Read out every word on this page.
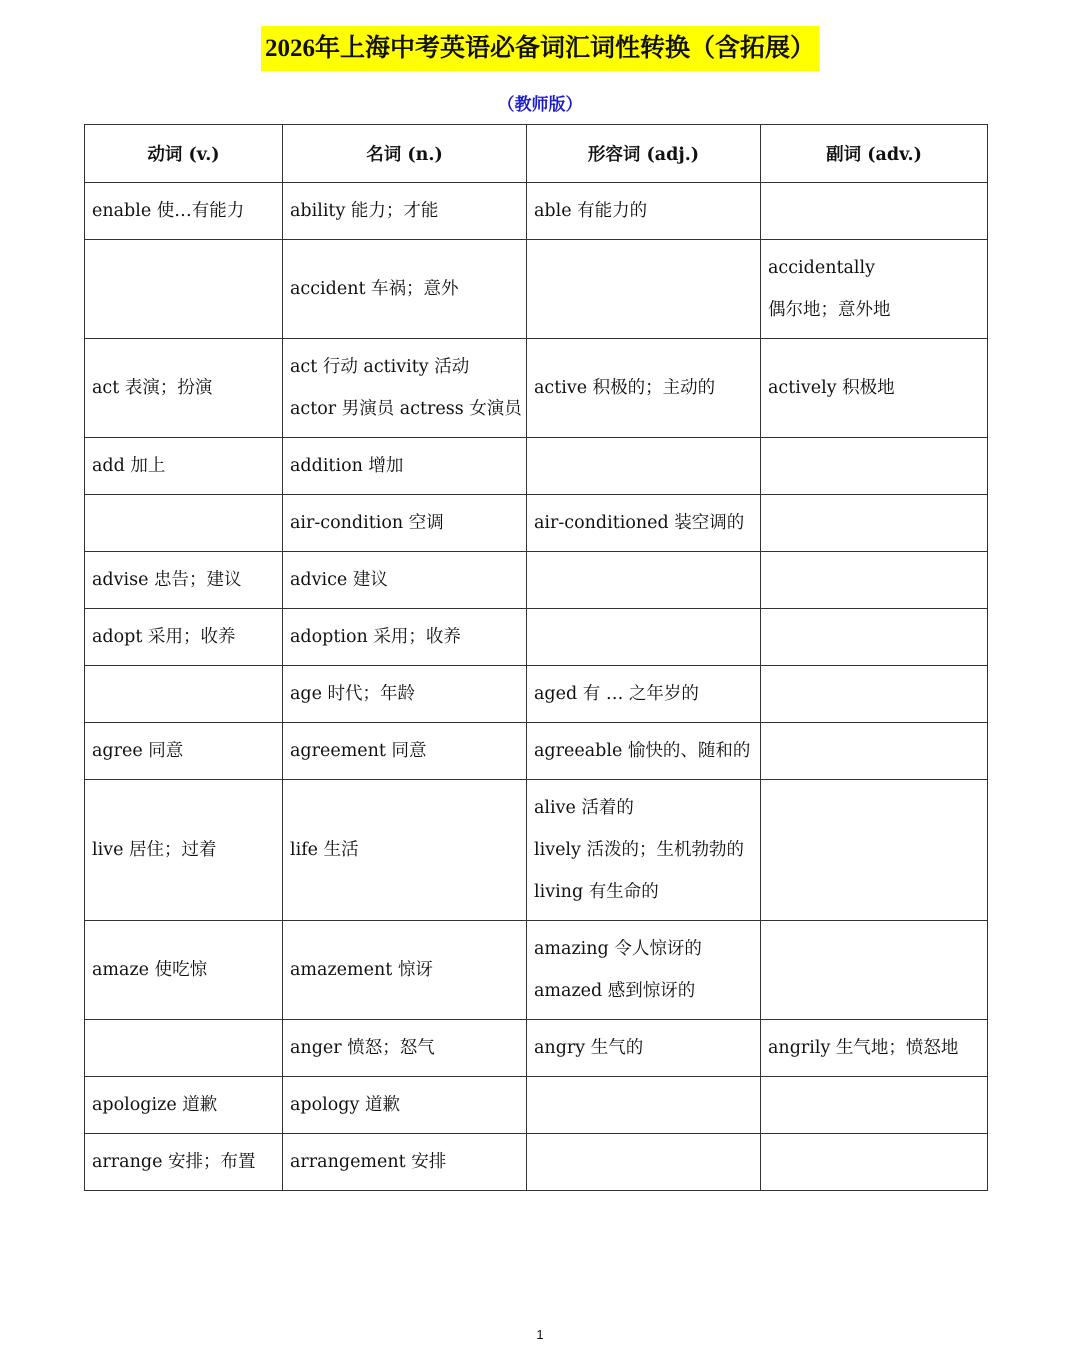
2026年上海中考英语必备词汇词性转换（含拓展）
（教师版）
动词 (v.)	名词 (n.)	形容词 (adj.)	副词 (adv.)

enable 使…有能力	ability 能力；才能	able 有能力的	

	accident 车祸；意外		accidentally
偶尔地；意外地

act 表演；扮演	act 行动 activity 活动
actor 男演员 actress 女演员	active 积极的；主动的	actively 积极地

add 加上	addition 增加		

	air-condition 空调	air-conditioned 装空调的	

advise 忠告；建议	advice 建议		

adopt 采用；收养	adoption 采用；收养		

	age 时代；年龄	aged 有 … 之年岁的	

agree 同意	agreement 同意	agreeable 愉快的、随和的	

live 居住；过着	life 生活	alive 活着的
lively 活泼的；生机勃勃的
living 有生命的	

amaze 使吃惊	amazement 惊讶	amazing 令人惊讶的
amazed 感到惊讶的	

	anger 愤怒；怒气	angry 生气的	angrily 生气地；愤怒地

apologize 道歉	apology 道歉		

arrange 安排；布置	arrangement 安排		

1
